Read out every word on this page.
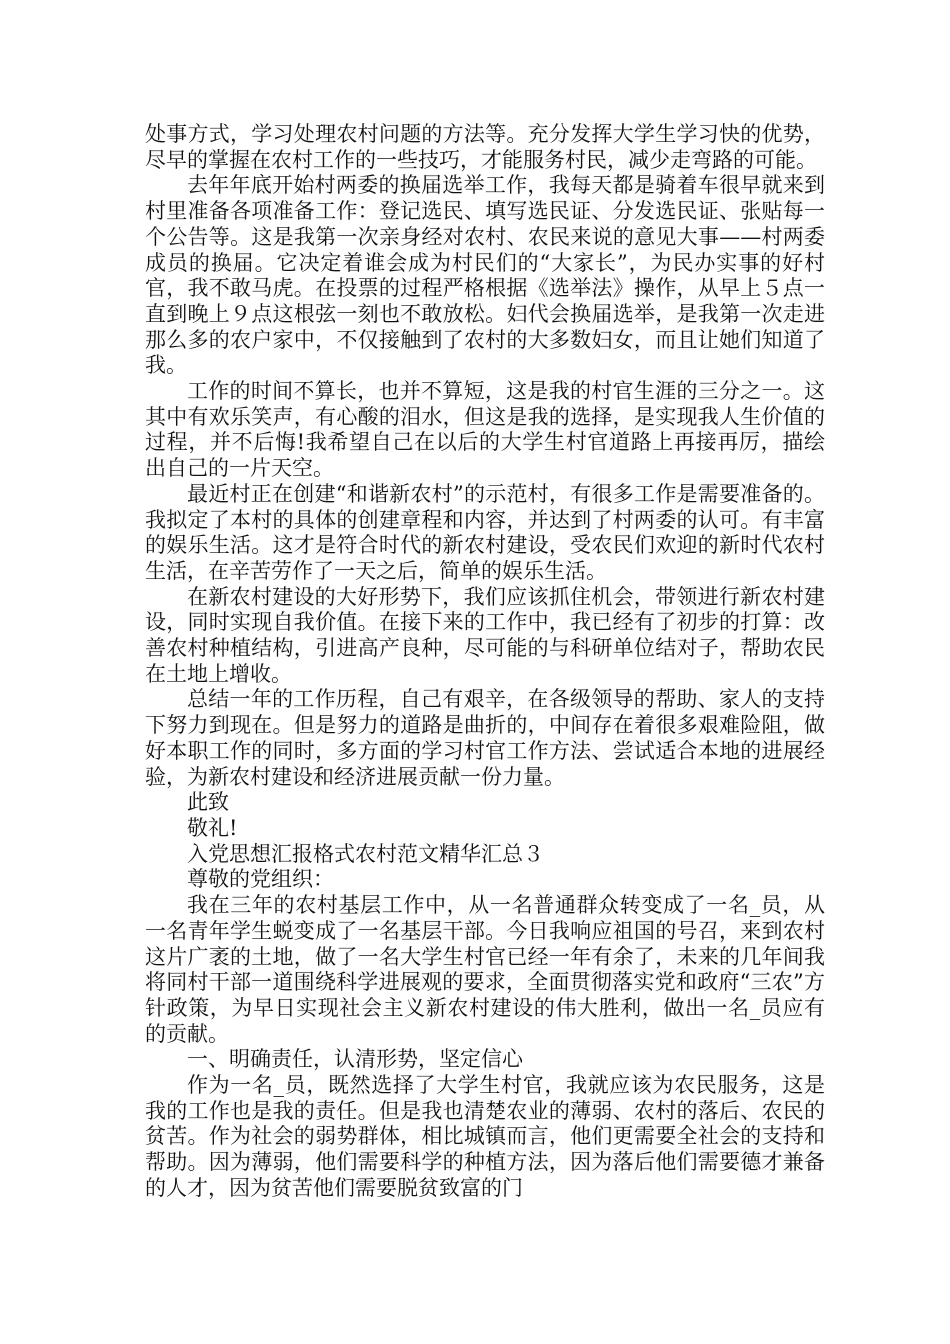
处事方式，学习处理农村问题的方法等。充分发挥大学生学习快的优势，尽早的掌握在农村工作的一些技巧，才能服务村民，减少走弯路的可能。

去年年底开始村两委的换届选举工作，我每天都是骑着车很早就来到村里准备各项准备工作：登记选民、填写选民证、分发选民证、张贴每一个公告等。这是我第一次亲身经对农村、农民来说的意见大事——村两委成员的换届。它决定着谁会成为村民们的“大家长”，为民办实事的好村官，我不敢马虎。在投票的过程严格根据《选举法》操作，从早上５点一直到晚上９点这根弦一刻也不敢放松。妇代会换届选举，是我第一次走进那么多的农户家中，不仅接触到了农村的大多数妇女，而且让她们知道了我。

工作的时间不算长，也并不算短，这是我的村官生涯的三分之一。这其中有欢乐笑声，有心酸的泪水，但这是我的选择，是实现我人生价值的过程，并不后悔!我希望自己在以后的大学生村官道路上再接再厉，描绘出自己的一片天空。

最近村正在创建“和谐新农村”的示范村，有很多工作是需要准备的。我拟定了本村的具体的创建章程和内容，并达到了村两委的认可。有丰富的娱乐生活。这才是符合时代的新农村建设，受农民们欢迎的新时代农村生活，在辛苦劳作了一天之后，简单的娱乐生活。

在新农村建设的大好形势下，我们应该抓住机会，带领进行新农村建设，同时实现自我价值。在接下来的工作中，我已经有了初步的打算：改善农村种植结构，引进高产良种，尽可能的与科研单位结对子，帮助农民在土地上增收。

总结一年的工作历程，自己有艰辛，在各级领导的帮助、家人的支持下努力到现在。但是努力的道路是曲折的，中间存在着很多艰难险阻，做好本职工作的同时，多方面的学习村官工作方法、尝试适合本地的进展经验，为新农村建设和经济进展贡献一份力量。

此致

敬礼!

入党思想汇报格式农村范文精华汇总３

尊敬的党组织：

我在三年的农村基层工作中，从一名普通群众转变成了一名_员，从一名青年学生蜕变成了一名基层干部。今日我响应祖国的号召，来到农村这片广袤的土地，做了一名大学生村官已经一年有余了，未来的几年间我将同村干部一道围绕科学进展观的要求，全面贯彻落实党和政府“三农”方针政策，为早日实现社会主义新农村建设的伟大胜利，做出一名_员应有的贡献。

一、明确责任，认清形势，坚定信心

作为一名_员，既然选择了大学生村官，我就应该为农民服务，这是我的工作也是我的责任。但是我也清楚农业的薄弱、农村的落后、农民的贫苦。作为社会的弱势群体，相比城镇而言，他们更需要全社会的支持和帮助。因为薄弱，他们需要科学的种植方法，因为落后他们需要德才兼备的人才，因为贫苦他们需要脱贫致富的门
